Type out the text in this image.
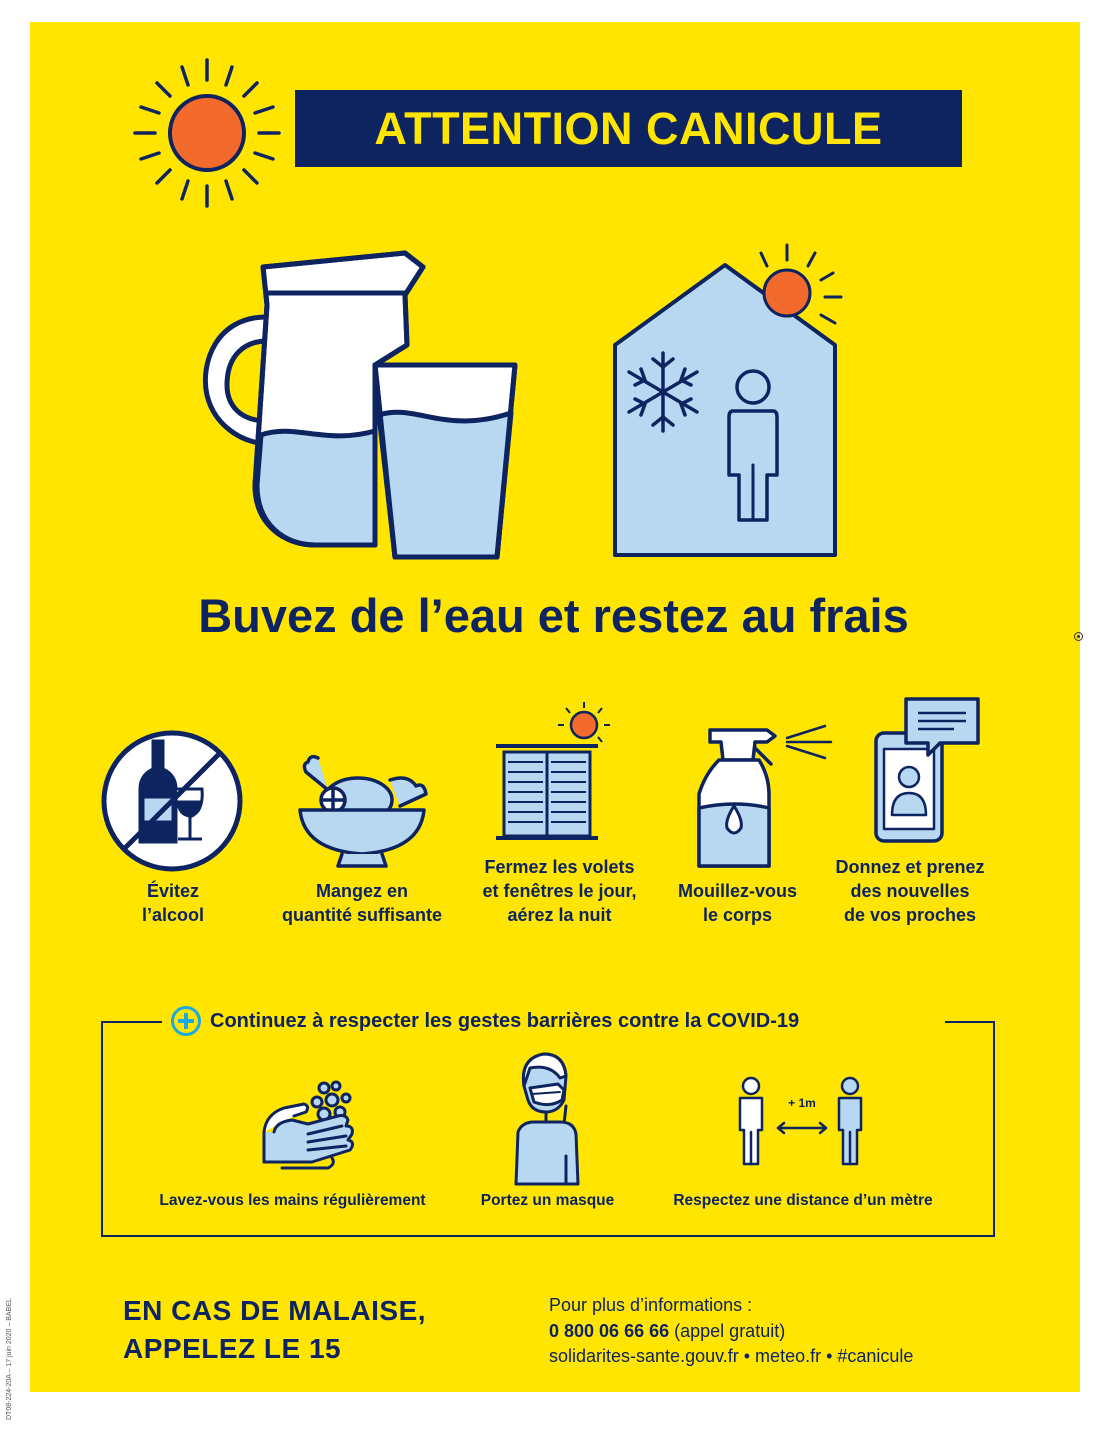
ATTENTION CANICULE
Buvez de l’eau et restez au frais
Évitez
l’alcool
Mangez en
quantité suffisante
Fermez les volets
et fenêtres le jour,
aérez la nuit
Mouillez-vous
le corps
Donnez et prenez
des nouvelles
de vos proches
Continuez à respecter les gestes barrières contre la COVID-19
+ 1m
Lavez-vous les mains régulièrement	Portez un masque	Respectez une distance d’un mètre
EN CAS DE MALAISE,
APPELEZ LE 15
Pour plus d’informations :
0 800 06 66 66 (appel gratuit)
solidarites-sante.gouv.fr • meteo.fr • #canicule
DT08-224-20A – 17 juin 2020 – BABEL
